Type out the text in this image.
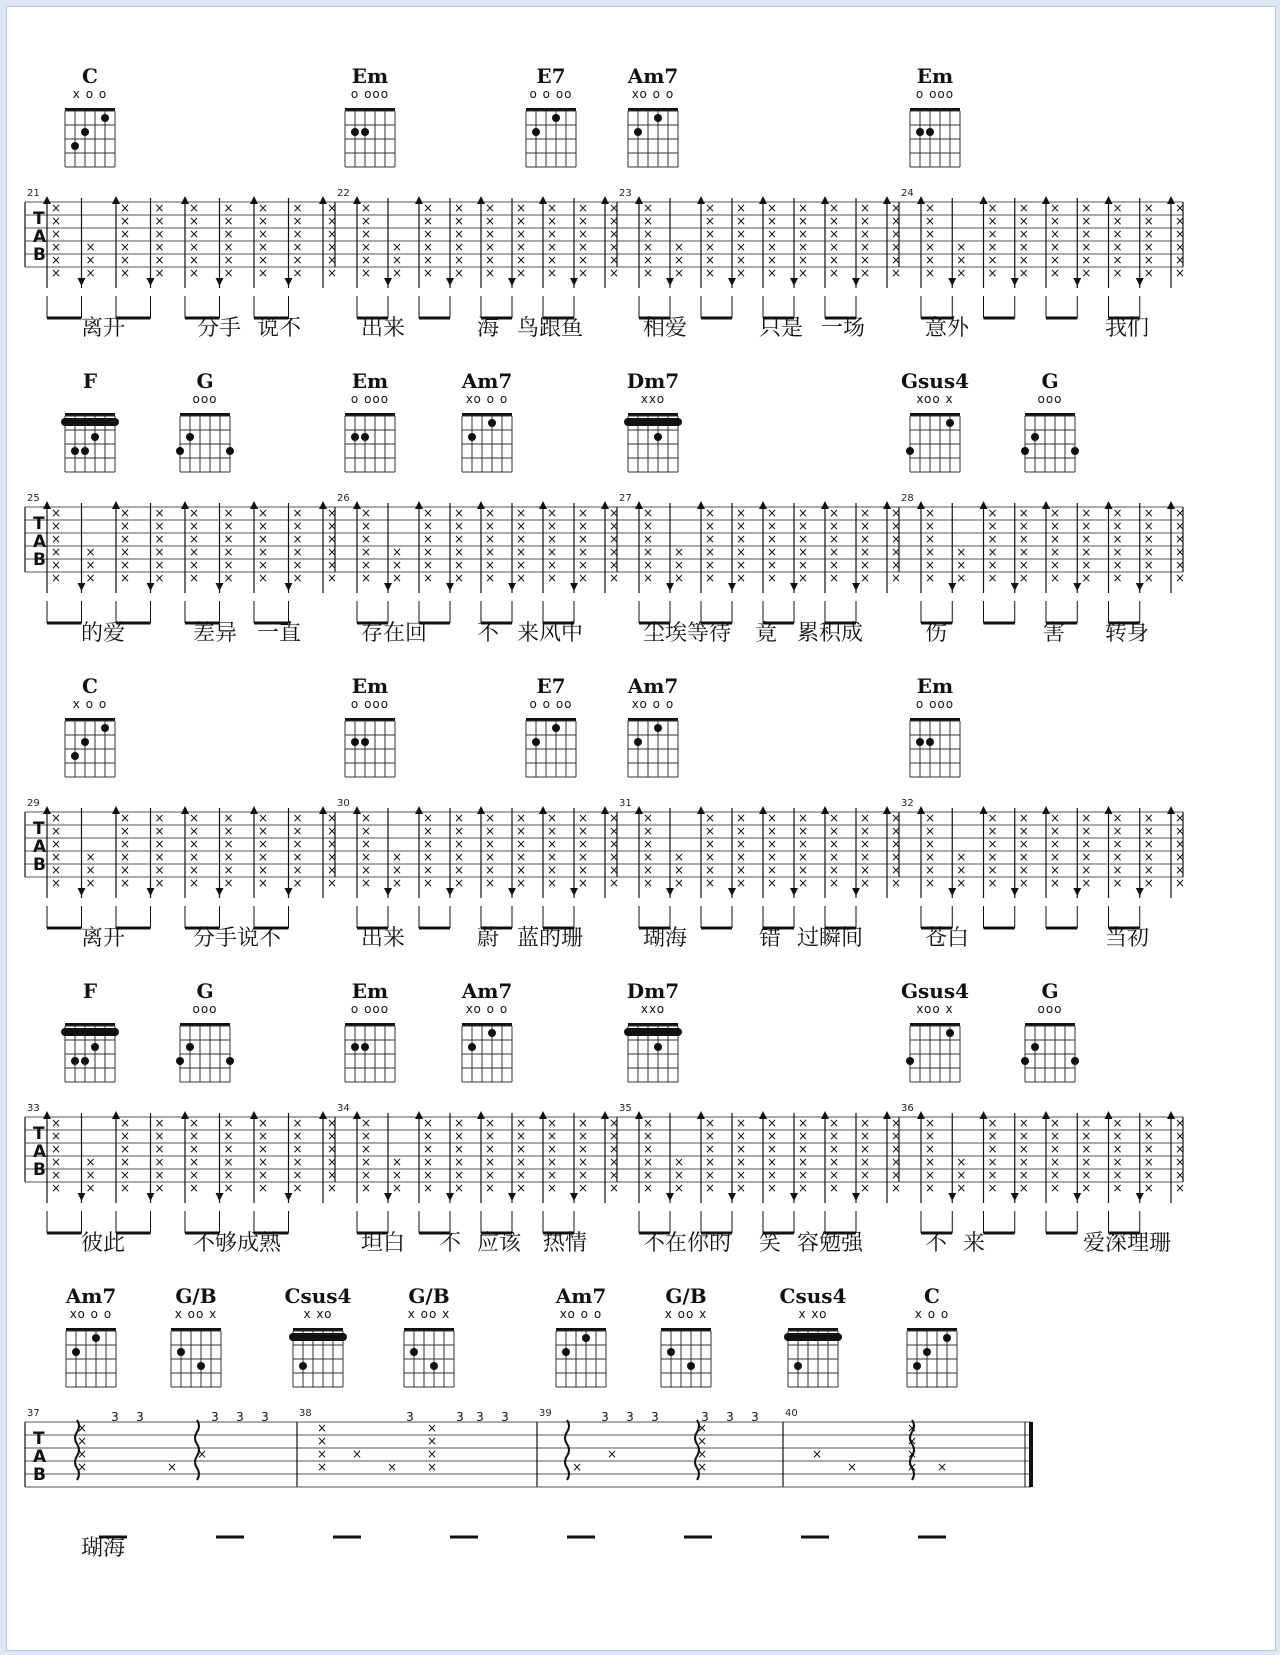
C
x o o
Em
o ooo
E7
o o oo
Am7
xo o o
Em
o ooo
T
A
B
21	22	23	24
×
×
×
×
×
×
×
×
×
×
×
×
×
×
×
×
×
×
×
×
×
×
×
×
×
×
×
×
×
×
×
×
×
×
×
×
×
×
×
×
×
×
×
×
×
×
×
×
×
×
×
×
×
×
×
×
×
×
×
×
×
×
×
×
×
×
×
×
×
×
×
×
×
×
×
×
×
×
×
×
×
×
×
×
×
×
×
×
×
×
×
×
×
×
×
×
×
×
×
×
×
×
×
×
×
×
×
×
×
×
×
×
×
×
×
×
×
×
×
×
×
×
×
×
×
×
×
×
×
×
×
×
×
×
×
×
×
×
×
×
×
×
×
×
×
×
×
×
×
×
×
×
×
×
×
×
×
×
×
×
×
×
×
×
×
×
×
×
×
×
×
×
×
×
×
×
×
×
×
×
×
×
×
×
×
×
×
×
×
×
×
×
×
×
×
×
×
×
×
×
×
×
×
×
离开	分手 说不	出来	海 鸟跟鱼	相爱	只是 一场	意外	我们
F	G
ooo
Em
o ooo
Am7
xo o o
Dm7
xxo
Gsus4
xoo x
G
ooo
T
A
B
25	26	27	28
×
×
×
×
×
×
×
×
×
×
×
×
×
×
×
×
×
×
×
×
×
×
×
×
×
×
×
×
×
×
×
×
×
×
×
×
×
×
×
×
×
×
×
×
×
×
×
×
×
×
×
×
×
×
×
×
×
×
×
×
×
×
×
×
×
×
×
×
×
×
×
×
×
×
×
×
×
×
×
×
×
×
×
×
×
×
×
×
×
×
×
×
×
×
×
×
×
×
×
×
×
×
×
×
×
×
×
×
×
×
×
×
×
×
×
×
×
×
×
×
×
×
×
×
×
×
×
×
×
×
×
×
×
×
×
×
×
×
×
×
×
×
×
×
×
×
×
×
×
×
×
×
×
×
×
×
×
×
×
×
×
×
×
×
×
×
×
×
×
×
×
×
×
×
×
×
×
×
×
×
×
×
×
×
×
×
×
×
×
×
×
×
×
×
×
×
×
×
×
×
×
×
×
×
的爱	差异 一直	存在回 不 来风中	尘埃等待 竟 累积成	伤	害 转身
C
x o o
Em
o ooo
E7
o o oo
Am7
xo o o
Em
o ooo
T
A
B
29	30	31	32
×
×
×
×
×
×
×
×
×
×
×
×
×
×
×
×
×
×
×
×
×
×
×
×
×
×
×
×
×
×
×
×
×
×
×
×
×
×
×
×
×
×
×
×
×
×
×
×
×
×
×
×
×
×
×
×
×
×
×
×
×
×
×
×
×
×
×
×
×
×
×
×
×
×
×
×
×
×
×
×
×
×
×
×
×
×
×
×
×
×
×
×
×
×
×
×
×
×
×
×
×
×
×
×
×
×
×
×
×
×
×
×
×
×
×
×
×
×
×
×
×
×
×
×
×
×
×
×
×
×
×
×
×
×
×
×
×
×
×
×
×
×
×
×
×
×
×
×
×
×
×
×
×
×
×
×
×
×
×
×
×
×
×
×
×
×
×
×
×
×
×
×
×
×
×
×
×
×
×
×
×
×
×
×
×
×
×
×
×
×
×
×
×
×
×
×
×
×
×
×
×
×
×
×
离开	分 手说不	出来	蔚 蓝的珊	瑚海	错 过瞬间	苍白	当初
F	G
ooo
Em
o ooo
Am7
xo o o
Dm7
xxo
Gsus4
xoo x
G
ooo
T
A
B
33	34	35	36
×
×
×
×
×
×
×
×
×
×
×
×
×
×
×
×
×
×
×
×
×
×
×
×
×
×
×
×
×
×
×
×
×
×
×
×
×
×
×
×
×
×
×
×
×
×
×
×
×
×
×
×
×
×
×
×
×
×
×
×
×
×
×
×
×
×
×
×
×
×
×
×
×
×
×
×
×
×
×
×
×
×
×
×
×
×
×
×
×
×
×
×
×
×
×
×
×
×
×
×
×
×
×
×
×
×
×
×
×
×
×
×
×
×
×
×
×
×
×
×
×
×
×
×
×
×
×
×
×
×
×
×
×
×
×
×
×
×
×
×
×
×
×
×
×
×
×
×
×
×
×
×
×
×
×
×
×
×
×
×
×
×
×
×
×
×
×
×
×
×
×
×
×
×
×
×
×
×
×
×
×
×
×
×
×
×
×
×
×
×
×
×
×
×
×
×
×
×
×
×
×
×
×
×
彼此	不 够成熟	坦白 不 应该 热情	不在你的 笑 容勉强	不 来	爱深埋珊
Am7
xo o o
G/B
x oo x
Csus4
x xo
G/B
x oo x
Am7
xo o o
G/B
x oo x
Csus4
x xo
C
x o o
T
A
B
37	38	39	40
3 3	3 3 3	3 3	3 3 3	3 3 3
3	3
×
×
×
×	×
×
×
×
×
×
×
×
×
×
×
×	×
×
×
×
×
×
×
×
×
×
×
× ×
瑚海
